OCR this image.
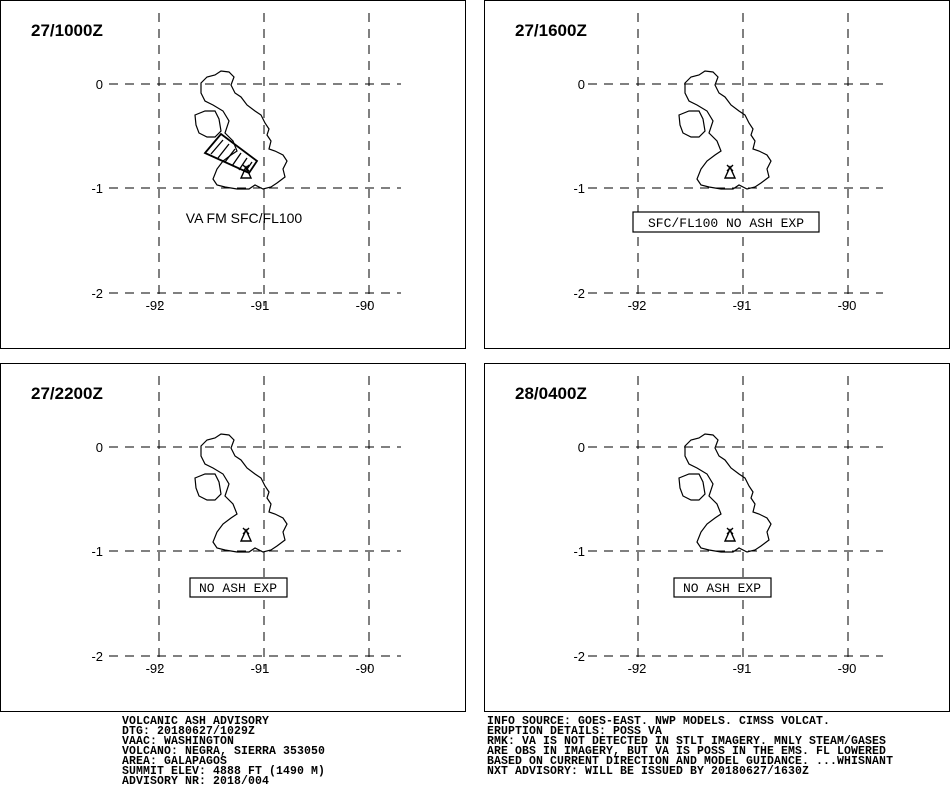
27/1000Z
0
-1
-2
-92	-91	-90
VA FM SFC/FL100
27/1600Z
0
-1
-2
-92	-91	-90
SFC/FL100 NO ASH EXP
27/2200Z
0
-1
-2
-92	-91	-90
NO ASH EXP
28/0400Z
0
-1
-2
-92	-91	-90
NO ASH EXP
VOLCANIC ASH ADVISORY
DTG: 20180627/1029Z
VAAC: WASHINGTON
VOLCANO: NEGRA, SIERRA 353050
AREA: GALAPAGOS
SUMMIT ELEV: 4888 FT (1490 M)
ADVISORY NR: 2018/004
INFO SOURCE: GOES-EAST. NWP MODELS. CIMSS VOLCAT.
ERUPTION DETAILS: POSS VA
RMK: VA IS NOT DETECTED IN STLT IMAGERY. MNLY STEAM/GASES
ARE OBS IN IMAGERY, BUT VA IS POSS IN THE EMS. FL LOWERED
BASED ON CURRENT DIRECTION AND MODEL GUIDANCE. ...WHISNANT
NXT ADVISORY: WILL BE ISSUED BY 20180627/1630Z
